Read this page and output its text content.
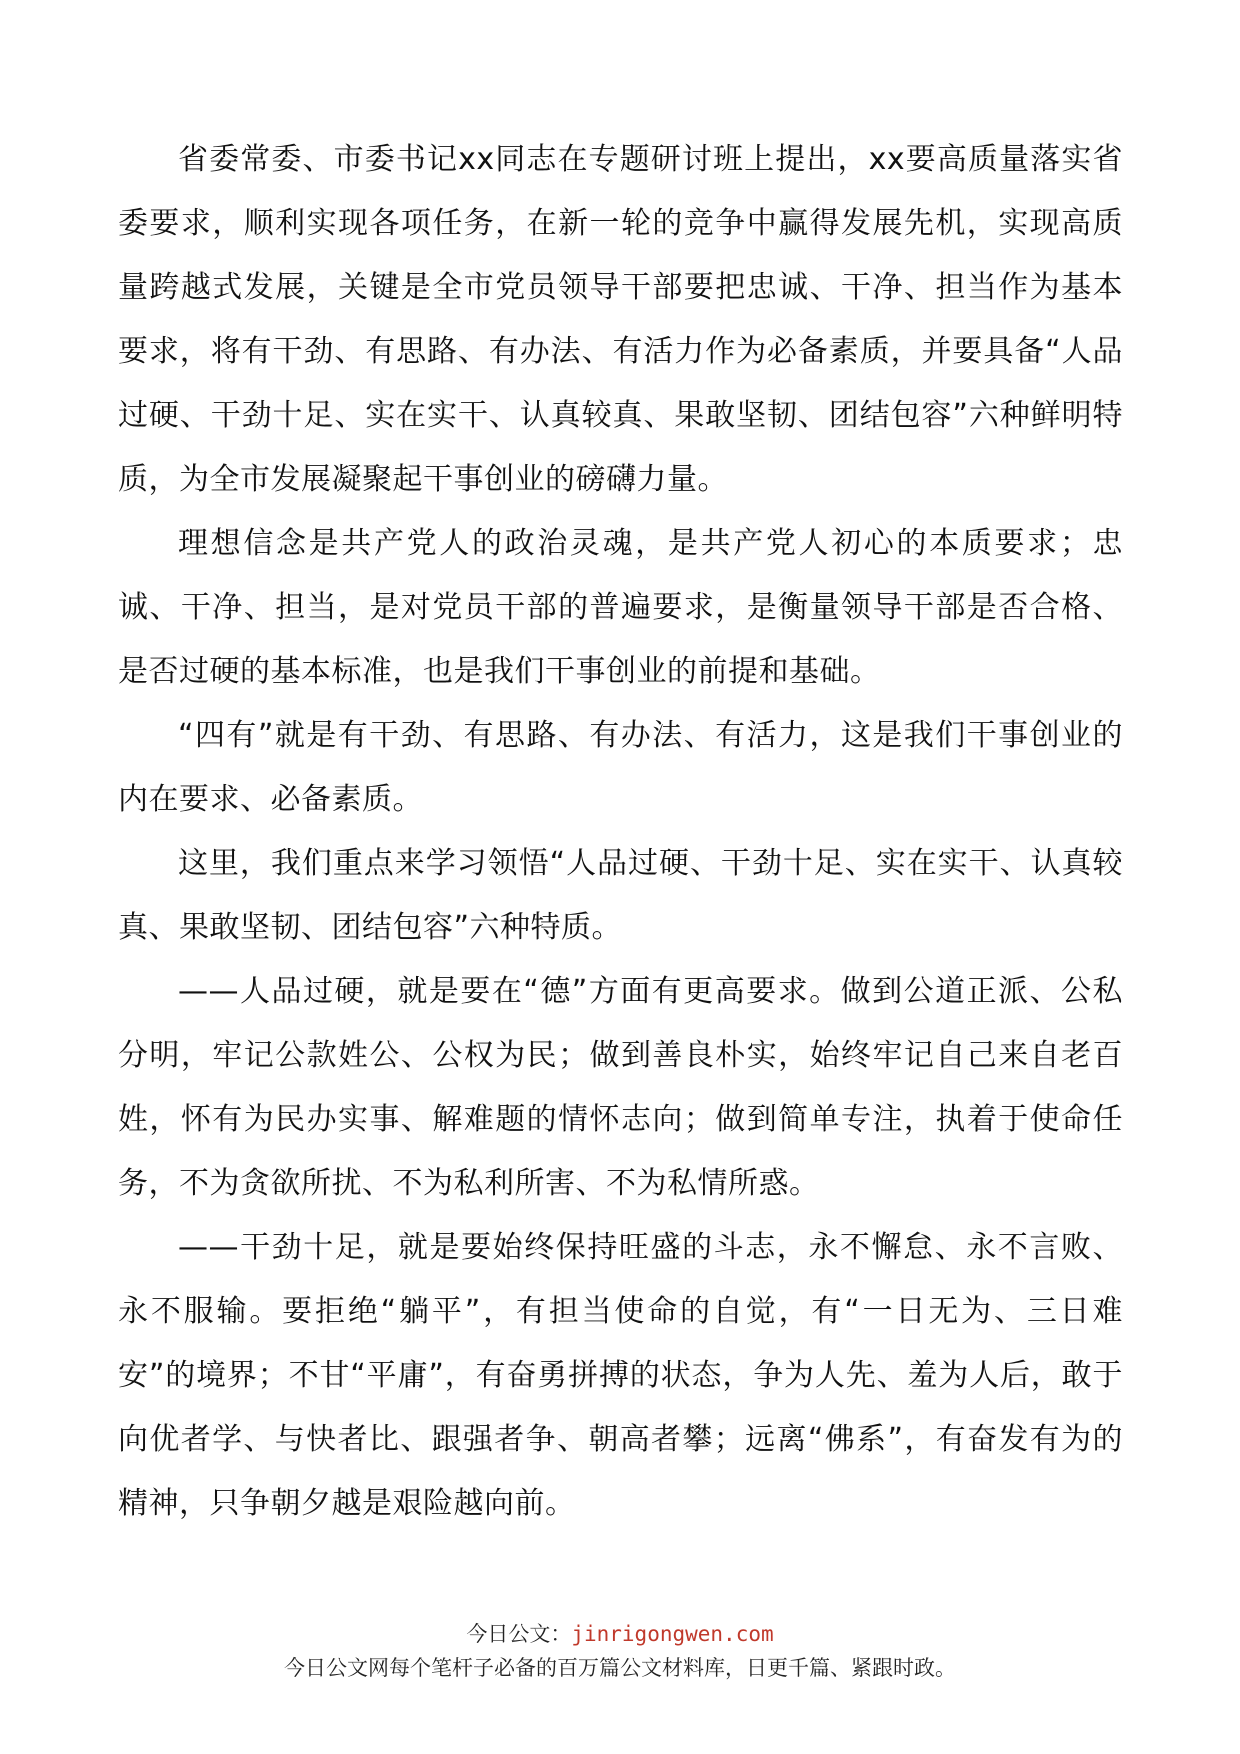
省委常委、市委书记xx同志在专题研讨班上提出，xx要高质量落实省委要求，顺利实现各项任务，在新一轮的竞争中赢得发展先机，实现高质量跨越式发展，关键是全市党员领导干部要把忠诚、干净、担当作为基本要求，将有干劲、有思路、有办法、有活力作为必备素质，并要具备“人品过硬、干劲十足、实在实干、认真较真、果敢坚韧、团结包容”六种鲜明特质，为全市发展凝聚起干事创业的磅礴力量。

理想信念是共产党人的政治灵魂，是共产党人初心的本质要求；忠诚、干净、担当，是对党员干部的普遍要求，是衡量领导干部是否合格、是否过硬的基本标准，也是我们干事创业的前提和基础。

“四有”就是有干劲、有思路、有办法、有活力，这是我们干事创业的内在要求、必备素质。

这里，我们重点来学习领悟“人品过硬、干劲十足、实在实干、认真较真、果敢坚韧、团结包容”六种特质。

——人品过硬，就是要在“德”方面有更高要求。做到公道正派、公私分明，牢记公款姓公、公权为民；做到善良朴实，始终牢记自己来自老百姓，怀有为民办实事、解难题的情怀志向；做到简单专注，执着于使命任务，不为贪欲所扰、不为私利所害、不为私情所惑。

——干劲十足，就是要始终保持旺盛的斗志，永不懈怠、永不言败、永不服输。要拒绝“躺平”，有担当使命的自觉，有“一日无为、三日难安”的境界；不甘“平庸”，有奋勇拼搏的状态，争为人先、羞为人后，敢于向优者学、与快者比、跟强者争、朝高者攀；远离“佛系”，有奋发有为的精神，只争朝夕越是艰险越向前。

今日公文：jinrigongwen.com
今日公文网每个笔杆子必备的百万篇公文材料库，日更千篇、紧跟时政。
